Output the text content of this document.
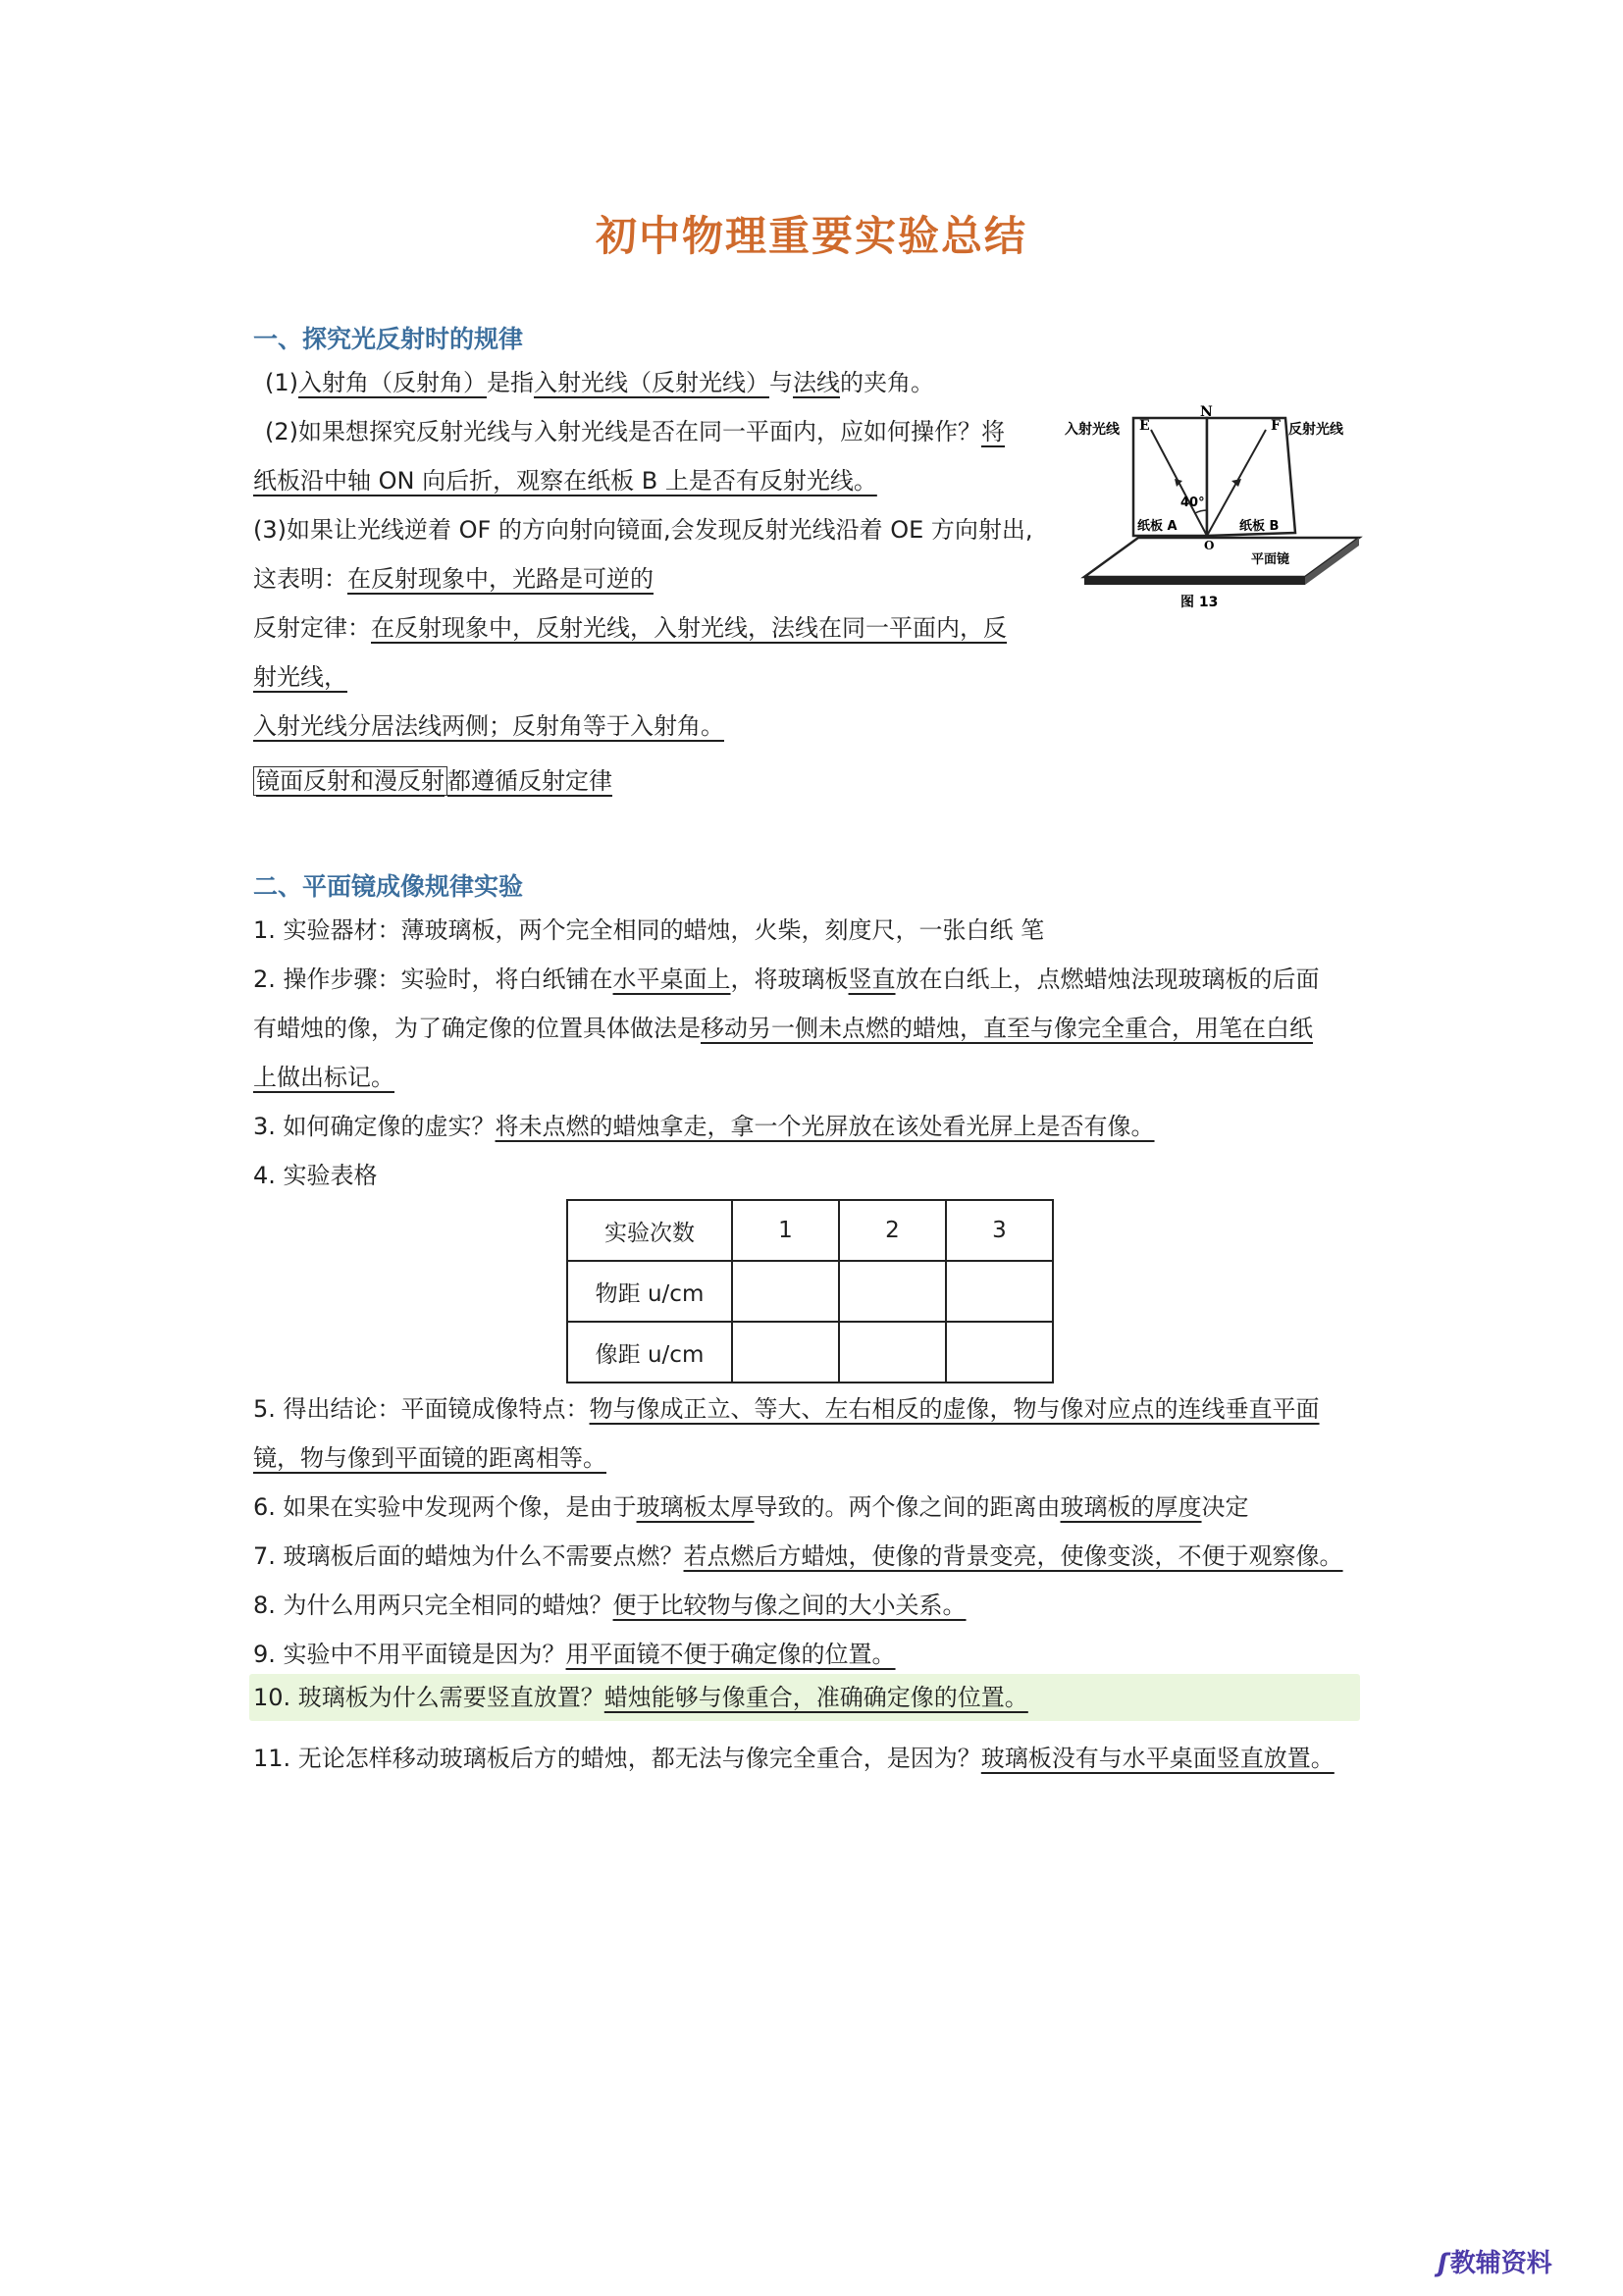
初中物理重要实验总结
一、探究光反射时的规律
(1)入射角（反射角）是指入射光线（反射光线）与法线的夹角。
(2)如果想探究反射光线与入射光线是否在同一平面内，应如何操作？将
纸板沿中轴 ON 向后折，观察在纸板 B 上是否有反射光线。
(3)如果让光线逆着 OF 的方向射向镜面,会发现反射光线沿着 OE 方向射出,
这表明：在反射现象中，光路是可逆的
反射定律：在反射现象中，反射光线，入射光线，法线在同一平面内，反
射光线，
入射光线分居法线两侧；反射角等于入射角。
镜面反射和漫反射 都遵循反射定律
入射光线	反射光线
E
N
F
40°
纸板 A	纸板 B
O
平面镜
图 13
二、平面镜成像规律实验
1. 实验器材：薄玻璃板，两个完全相同的蜡烛，火柴，刻度尺，一张白纸 笔
2. 操作步骤：实验时，将白纸铺在水平桌面上，将玻璃板竖直放在白纸上，点燃蜡烛法现玻璃板的后面
有蜡烛的像，为了确定像的位置具体做法是移动另一侧未点燃的蜡烛，直至与像完全重合，用笔在白纸
上做出标记。
3. 如何确定像的虚实？将未点燃的蜡烛拿走，拿一个光屏放在该处看光屏上是否有像。
4. 实验表格
实验次数	1	2	3
物距 u/cm			
像距 u/cm			
5. 得出结论：平面镜成像特点：物与像成正立、等大、左右相反的虚像，物与像对应点的连线垂直平面
镜，物与像到平面镜的距离相等。
6. 如果在实验中发现两个像，是由于玻璃板太厚导致的。两个像之间的距离由玻璃板的厚度决定
7. 玻璃板后面的蜡烛为什么不需要点燃？若点燃后方蜡烛，使像的背景变亮，使像变淡，不便于观察像。
8. 为什么用两只完全相同的蜡烛？便于比较物与像之间的大小关系。
9. 实验中不用平面镜是因为？用平面镜不便于确定像的位置。
10. 玻璃板为什么需要竖直放置？蜡烛能够与像重合，准确确定像的位置。
11. 无论怎样移动玻璃板后方的蜡烛，都无法与像完全重合，是因为？玻璃板没有与水平桌面竖直放置。
ʃ教辅资料
